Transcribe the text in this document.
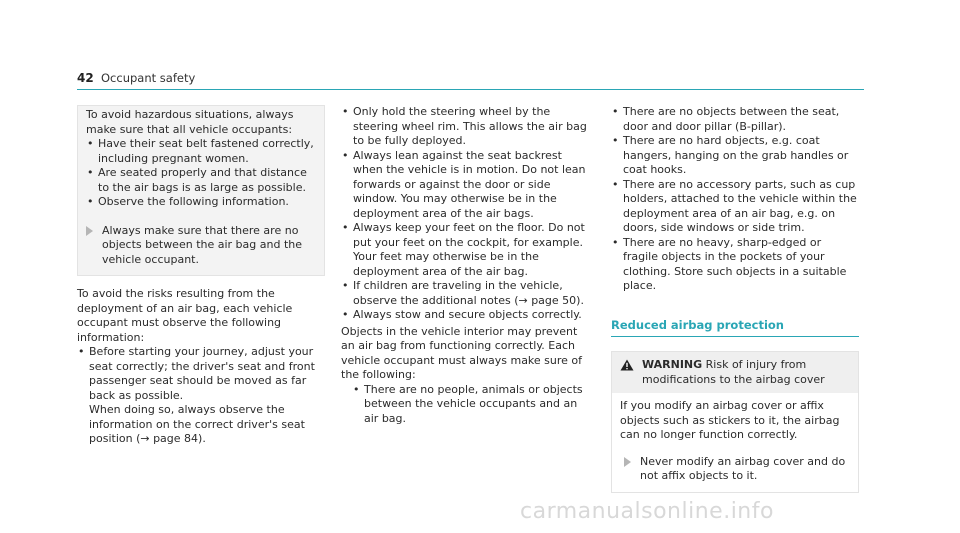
42 Occupant safety

To avoid hazardous situations, always make sure that all vehicle occupants:

• Have their seat belt fastened correctly, including pregnant women.
• Are seated properly and that distance to the air bags is as large as possible.
• Observe the following information.
Always make sure that there are no objects between the air bag and the vehicle occupant.

To avoid the risks resulting from the deployment of an air bag, each vehicle occupant must observe the following information:

• Before starting your journey, adjust your seat correctly; the driver's seat and front passenger seat should be moved as far back as possible.

When doing so, always observe the information on the correct driver's seat position (→ page 84).

• Only hold the steering wheel by the steering wheel rim. This allows the air bag to be fully deployed.
• Always lean against the seat backrest when the vehicle is in motion. Do not lean forwards or against the door or side window. You may otherwise be in the deployment area of the air bags.
• Always keep your feet on the floor. Do not put your feet on the cockpit, for example. Your feet may otherwise be in the deployment area of the air bag.
• If children are traveling in the vehicle, observe the additional notes (→ page 50).
• Always stow and secure objects correctly.

Objects in the vehicle interior may prevent an air bag from functioning correctly. Each vehicle occupant must always make sure of the following:

• There are no people, animals or objects between the vehicle occupants and an air bag.
• There are no objects between the seat, door and door pillar (B-pillar).
• There are no hard objects, e.g. coat hangers, hanging on the grab handles or coat hooks.
• There are no accessory parts, such as cup holders, attached to the vehicle within the deployment area of an air bag, e.g. on doors, side windows or side trim.
• There are no heavy, sharp-edged or fragile objects in the pockets of your clothing. Store such objects in a suitable place.
Reduced airbag protection
WARNING Risk of injury from modifications to the airbag cover

If you modify an airbag cover or affix objects such as stickers to it, the airbag can no longer function correctly.

Never modify an airbag cover and do not affix objects to it.
carmanualsonline.info
